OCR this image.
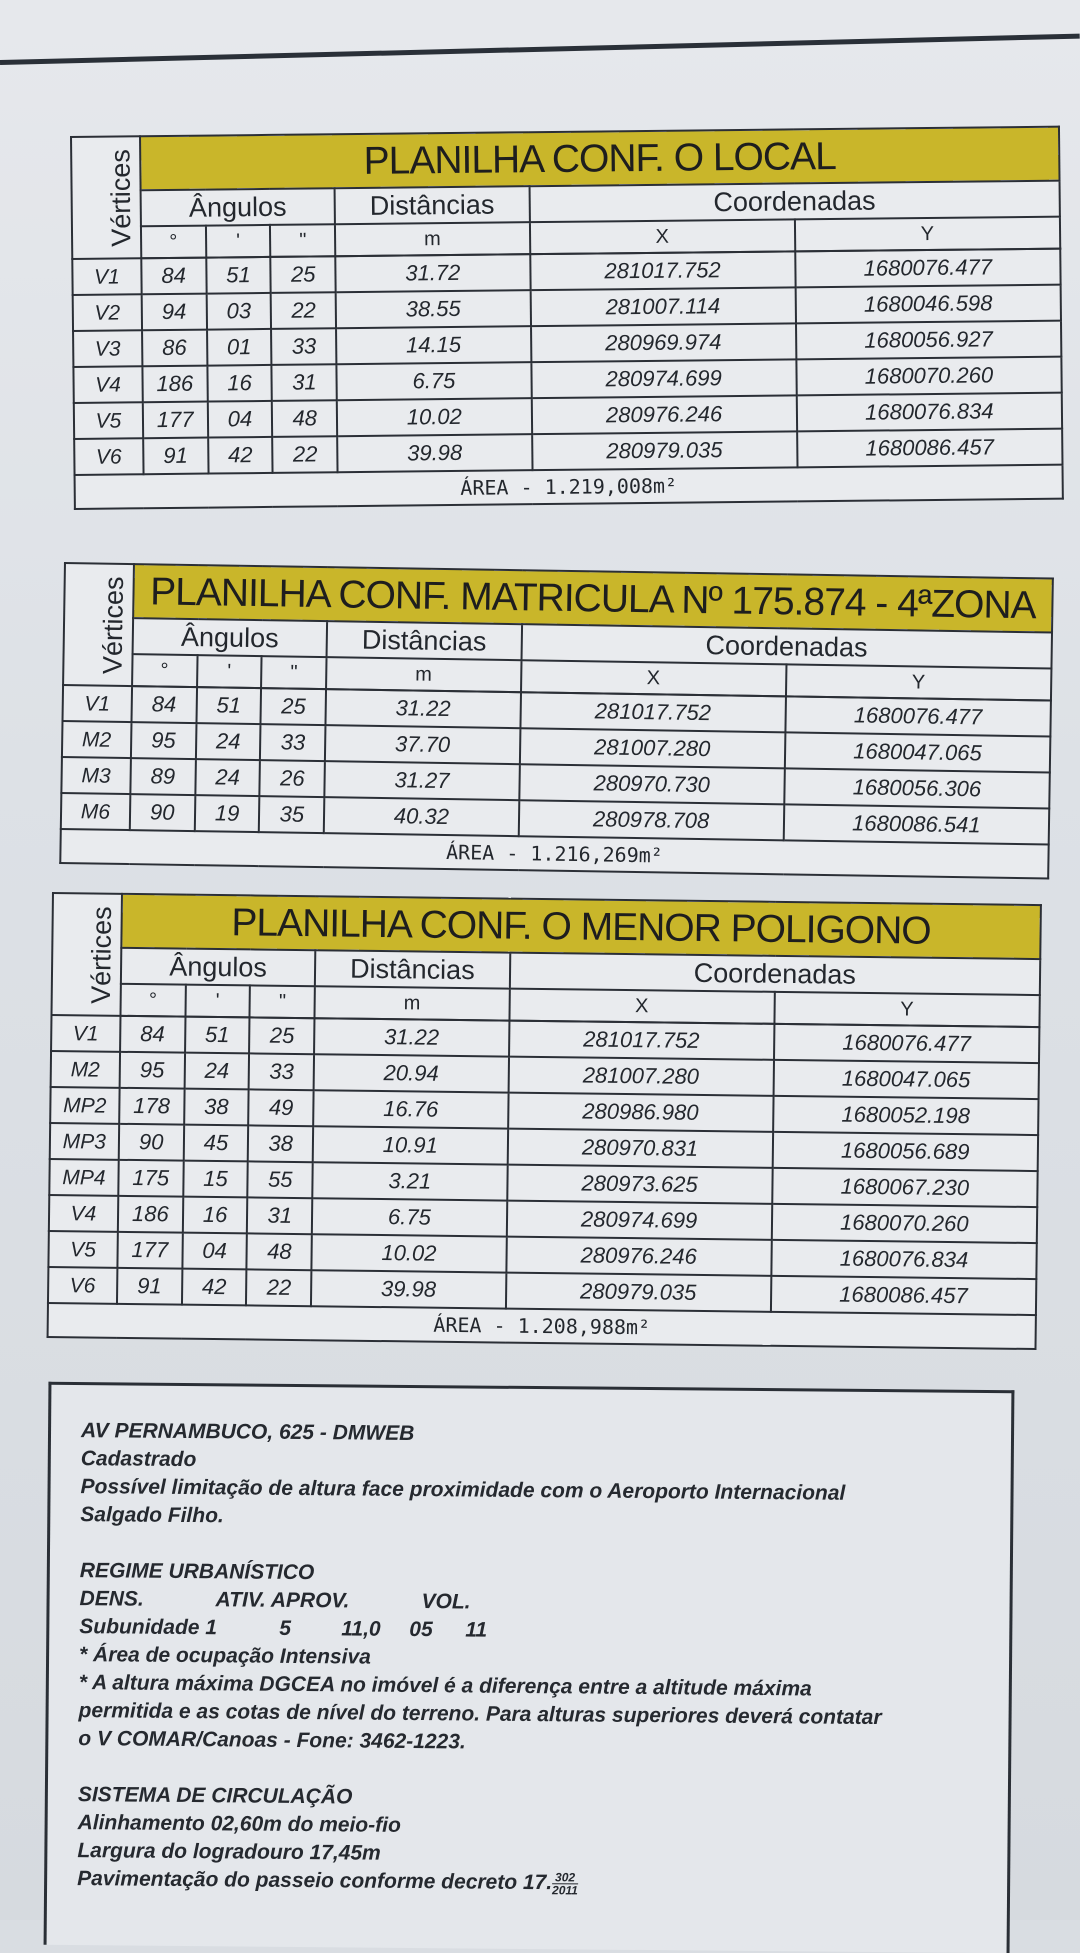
Vértices	PLANILHA CONF. O LOCAL					
	Ângulos			Distâncias	Coordenadas	
	°	'	"	m	X	Y

V1	84	51	25	31.72	281017.752	1680076.477
V2	94	03	22	38.55	281007.114	1680046.598
V3	86	01	33	14.15	280969.974	1680056.927
V4	186	16	31	6.75	280974.699	1680070.260
V5	177	04	48	10.02	280976.246	1680076.834
V6	91	42	22	39.98	280979.035	1680086.457
ÁREA - 1.219,008m²						
Vértices	PLANILHA CONF. MATRICULA Nº 175.874 - 4ªZONA					
	Ângulos			Distâncias	Coordenadas	
	°	'	"	m	X	Y

V1	84	51	25	31.22	281017.752	1680076.477
M2	95	24	33	37.70	281007.280	1680047.065
M3	89	24	26	31.27	280970.730	1680056.306
M6	90	19	35	40.32	280978.708	1680086.541
ÁREA - 1.216,269m²						
Vértices	PLANILHA CONF. O MENOR POLIGONO					
	Ângulos			Distâncias	Coordenadas	
	°	'	"	m	X	Y

V1	84	51	25	31.22	281017.752	1680076.477
M2	95	24	33	20.94	281007.280	1680047.065
MP2	178	38	49	16.76	280986.980	1680052.198
MP3	90	45	38	10.91	280970.831	1680056.689
MP4	175	15	55	3.21	280973.625	1680067.230
V4	186	16	31	6.75	280974.699	1680070.260
V5	177	04	48	10.02	280976.246	1680076.834
V6	91	42	22	39.98	280979.035	1680086.457
ÁREA - 1.208,988m²						

AV PERNAMBUCO, 625 - DMWEB

Cadastrado

Possível limitação de altura face proximidade com o Aeroporto Internacional

Salgado Filho.

REGIME URBANÍSTICO

DENS.	ATIV. APROV.	VOL.

Subunidade 1	5 11,0 05 11

* Área de ocupação Intensiva

* A altura máxima DGCEA no imóvel é a diferença entre a altitude máxima

permitida e as cotas de nível do terreno. Para alturas superiores deverá contatar

o V COMAR/Canoas - Fone: 3462-1223.

SISTEMA DE CIRCULAÇÃO

Alinhamento 02,60m do meio-fio

Largura do logradouro 17,45m

Pavimentação do passeio conforme decreto 17. $\frac{302}{2011}$
